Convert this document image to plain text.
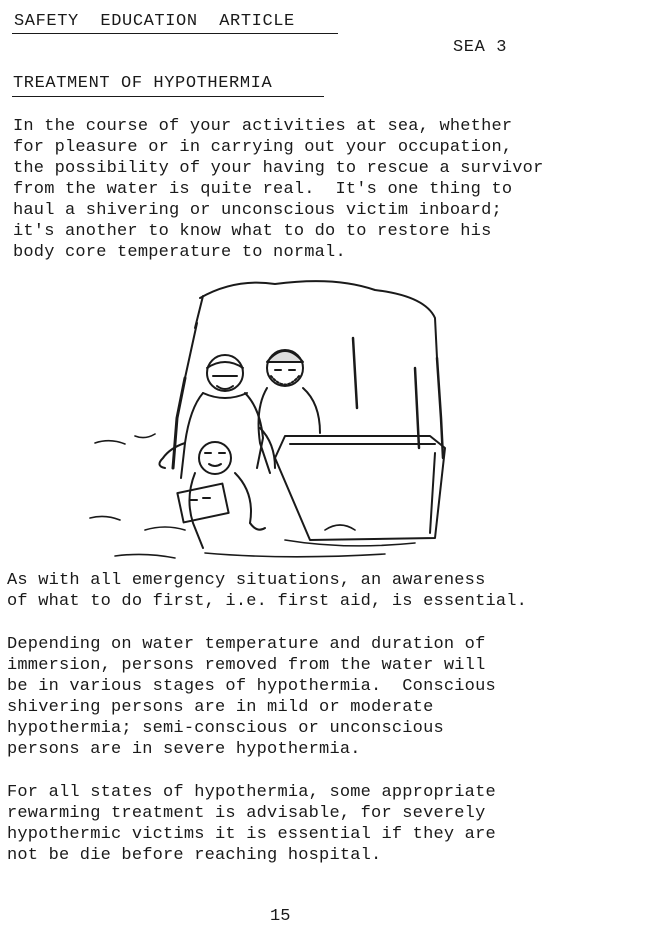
SAFETY  EDUCATION  ARTICLE
SEA 3
TREATMENT OF HYPOTHERMIA
In the course of your activities at sea, whether
for pleasure or in carrying out your occupation,
the possibility of your having to rescue a survivor
from the water is quite real.  It's one thing to
haul a shivering or unconscious victim inboard;
it's another to know what to do to restore his
body core temperature to normal.
As with all emergency situations, an awareness
of what to do first, i.e. first aid, is essential.
Depending on water temperature and duration of
immersion, persons removed from the water will
be in various stages of hypothermia.  Conscious
shivering persons are in mild or moderate
hypothermia; semi-conscious or unconscious
persons are in severe hypothermia.
For all states of hypothermia, some appropriate
rewarming treatment is advisable, for severely
hypothermic victims it is essential if they are
not be die before reaching hospital.
15
